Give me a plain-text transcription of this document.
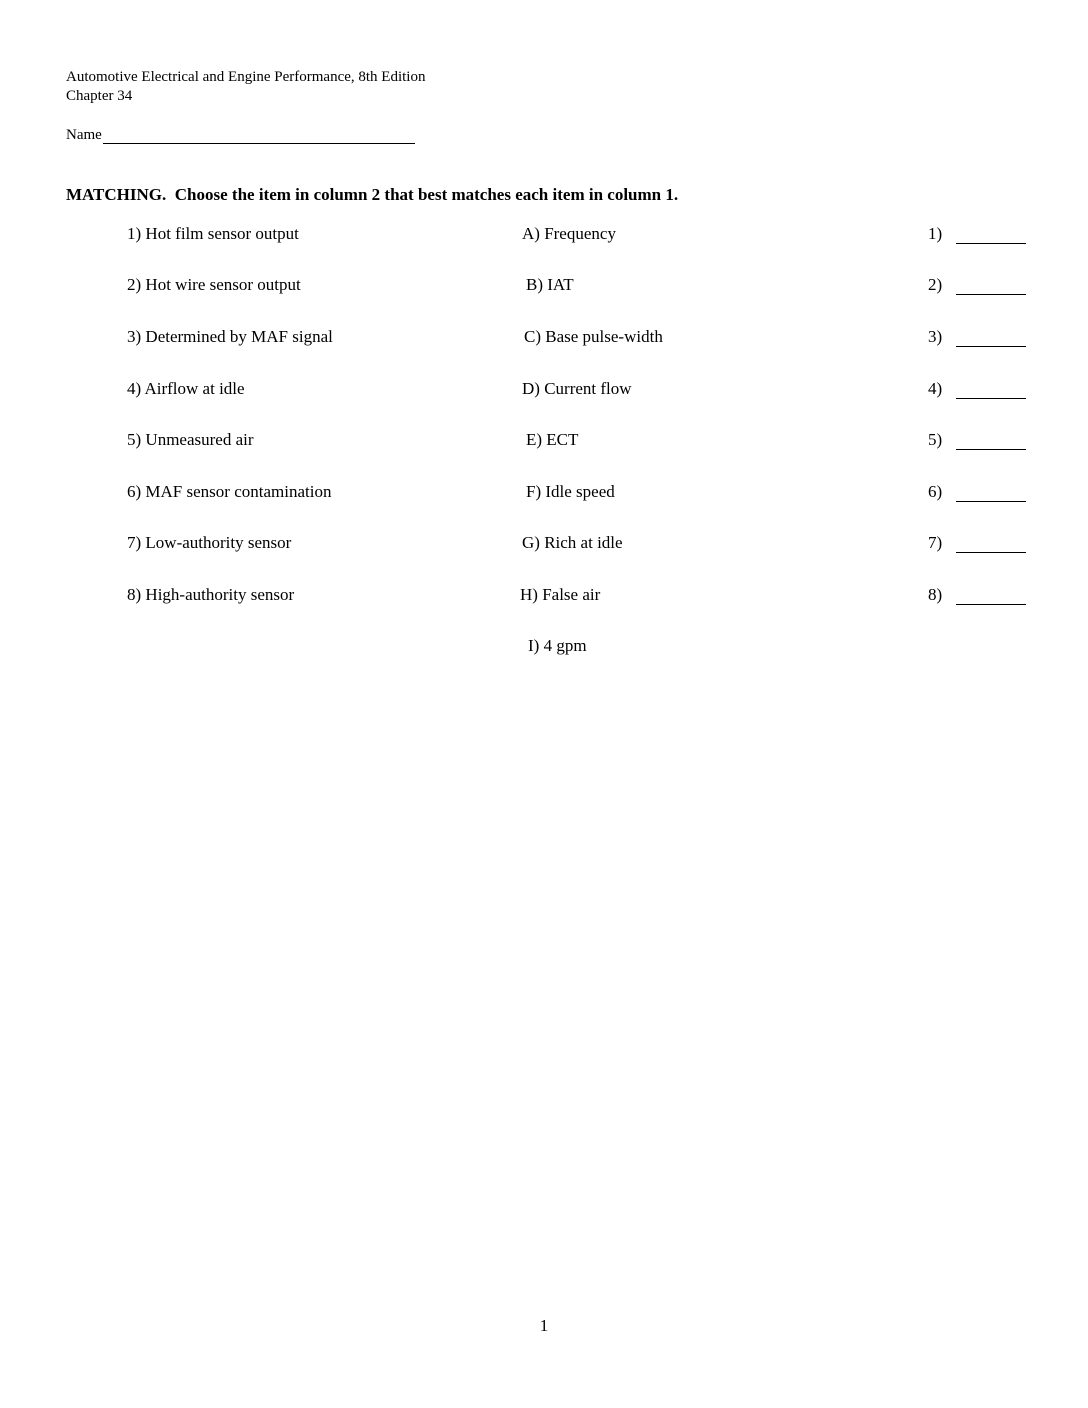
Automotive Electrical and Engine Performance, 8th Edition
Chapter 34
Name
MATCHING.  Choose the item in column 2 that best matches each item in column 1.
1) Hot film sensor output	A) Frequency	1)
2) Hot wire sensor output	B) IAT	2)
3) Determined by MAF signal	C) Base pulse-width	3)
4) Airflow at idle	D) Current flow	4)
5) Unmeasured air	E) ECT	5)
6) MAF sensor contamination	F) Idle speed	6)
7) Low-authority sensor	G) Rich at idle	7)
8) High-authority sensor	H) False air	8)
I) 4 gpm
1
